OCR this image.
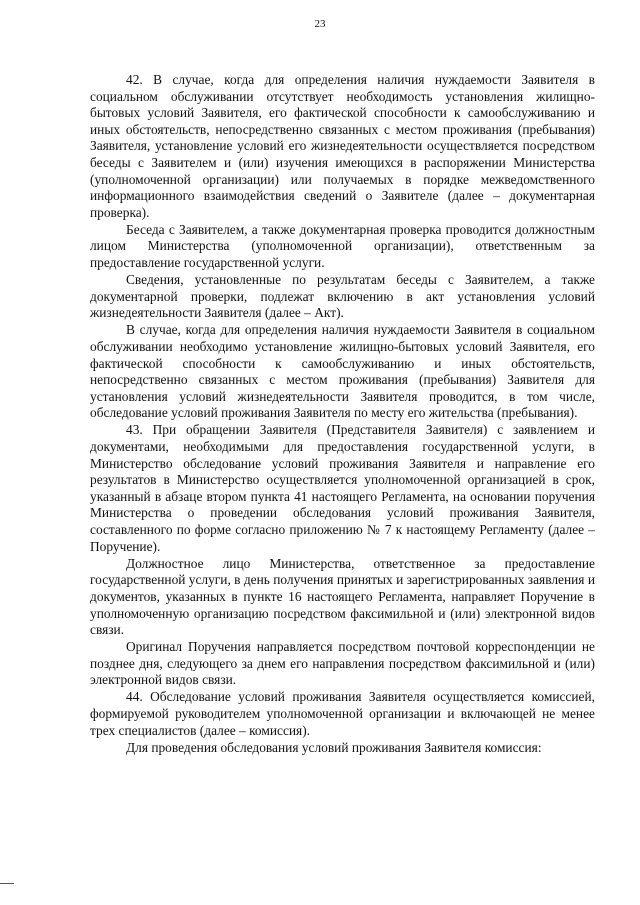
23

42. В случае, когда для определения наличия нуждаемости Заявителя в социальном обслуживании отсутствует необходимость установления жилищно-бытовых условий Заявителя, его фактической способности к самообслуживанию и иных обстоятельств, непосредственно связанных с местом проживания (пребывания) Заявителя, установление условий его жизнедеятельности осуществляется посредством беседы с Заявителем и (или) изучения имеющихся в распоряжении Министерства (уполномоченной организации) или получаемых в порядке межведомственного информационного взаимодействия сведений о Заявителе (далее – документарная проверка).

Беседа с Заявителем, а также документарная проверка проводится должностным лицом Министерства (уполномоченной организации), ответственным за предоставление государственной услуги.

Сведения, установленные по результатам беседы с Заявителем, а также документарной проверки, подлежат включению в акт установления условий жизнедеятельности Заявителя (далее – Акт).

В случае, когда для определения наличия нуждаемости Заявителя в социальном обслуживании необходимо установление жилищно-бытовых условий Заявителя, его фактической способности к самообслуживанию и иных обстоятельств, непосредственно связанных с местом проживания (пребывания) Заявителя для установления условий жизнедеятельности Заявителя проводится, в том числе, обследование условий проживания Заявителя по месту его жительства (пребывания).

43. При обращении Заявителя (Представителя Заявителя) с заявлением и документами, необходимыми для предоставления государственной услуги, в Министерство обследование условий проживания Заявителя и направление его результатов в Министерство осуществляется уполномоченной организацией в срок, указанный в абзаце втором пункта 41 настоящего Регламента, на основании поручения Министерства о проведении обследования условий проживания Заявителя, составленного по форме согласно приложению № 7 к настоящему Регламенту (далее – Поручение).

Должностное лицо Министерства, ответственное за предоставление государственной услуги, в день получения принятых и зарегистрированных заявления и документов, указанных в пункте 16 настоящего Регламента, направляет Поручение в уполномоченную организацию посредством факсимильной и (или) электронной видов связи.

Оригинал Поручения направляется посредством почтовой корреспонденции не позднее дня, следующего за днем его направления посредством факсимильной и (или) электронной видов связи.

44. Обследование условий проживания Заявителя осуществляется комиссией, формируемой руководителем уполномоченной организации и включающей не менее трех специалистов (далее – комиссия).

Для проведения обследования условий проживания Заявителя комиссия:
